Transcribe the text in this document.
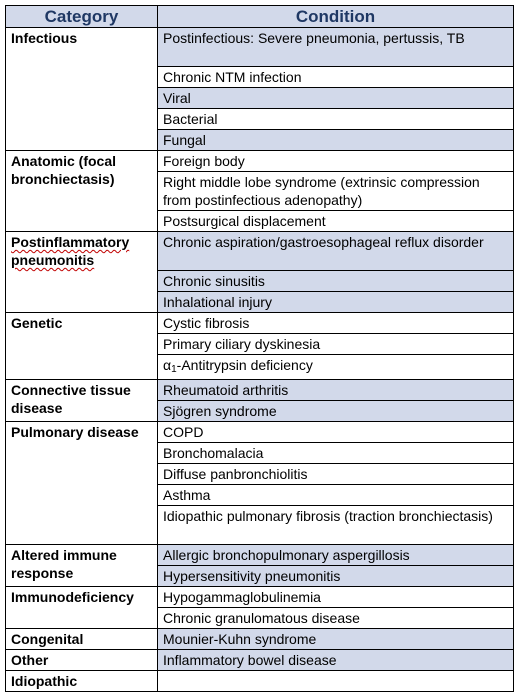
Category	Condition
Infectious	Postinfectious: Severe pneumonia, pertussis, TB
	Chronic NTM infection
	Viral
	Bacterial
	Fungal
Anatomic (focal bronchiectasis)	Foreign body
	Right middle lobe syndrome (extrinsic compression from postinfectious adenopathy)
	Postsurgical displacement
Postinflammatory pneumonitis	Chronic aspiration/gastroesophageal reflux disorder
	Chronic sinusitis
	Inhalational injury
Genetic	Cystic fibrosis
	Primary ciliary dyskinesia
	$\alpha_1$-Antitrypsin deficiency
Connective tissue disease	Rheumatoid arthritis
	Sjögren syndrome
Pulmonary disease	COPD
	Bronchomalacia
	Diffuse panbronchiolitis
	Asthma
	Idiopathic pulmonary fibrosis (traction bronchiectasis)
Altered immune response	Allergic bronchopulmonary aspergillosis
	Hypersensitivity pneumonitis
Immunodeficiency	Hypogammaglobulinemia
	Chronic granulomatous disease
Congenital	Mounier-Kuhn syndrome
Other	Inflammatory bowel disease
Idiopathic	
